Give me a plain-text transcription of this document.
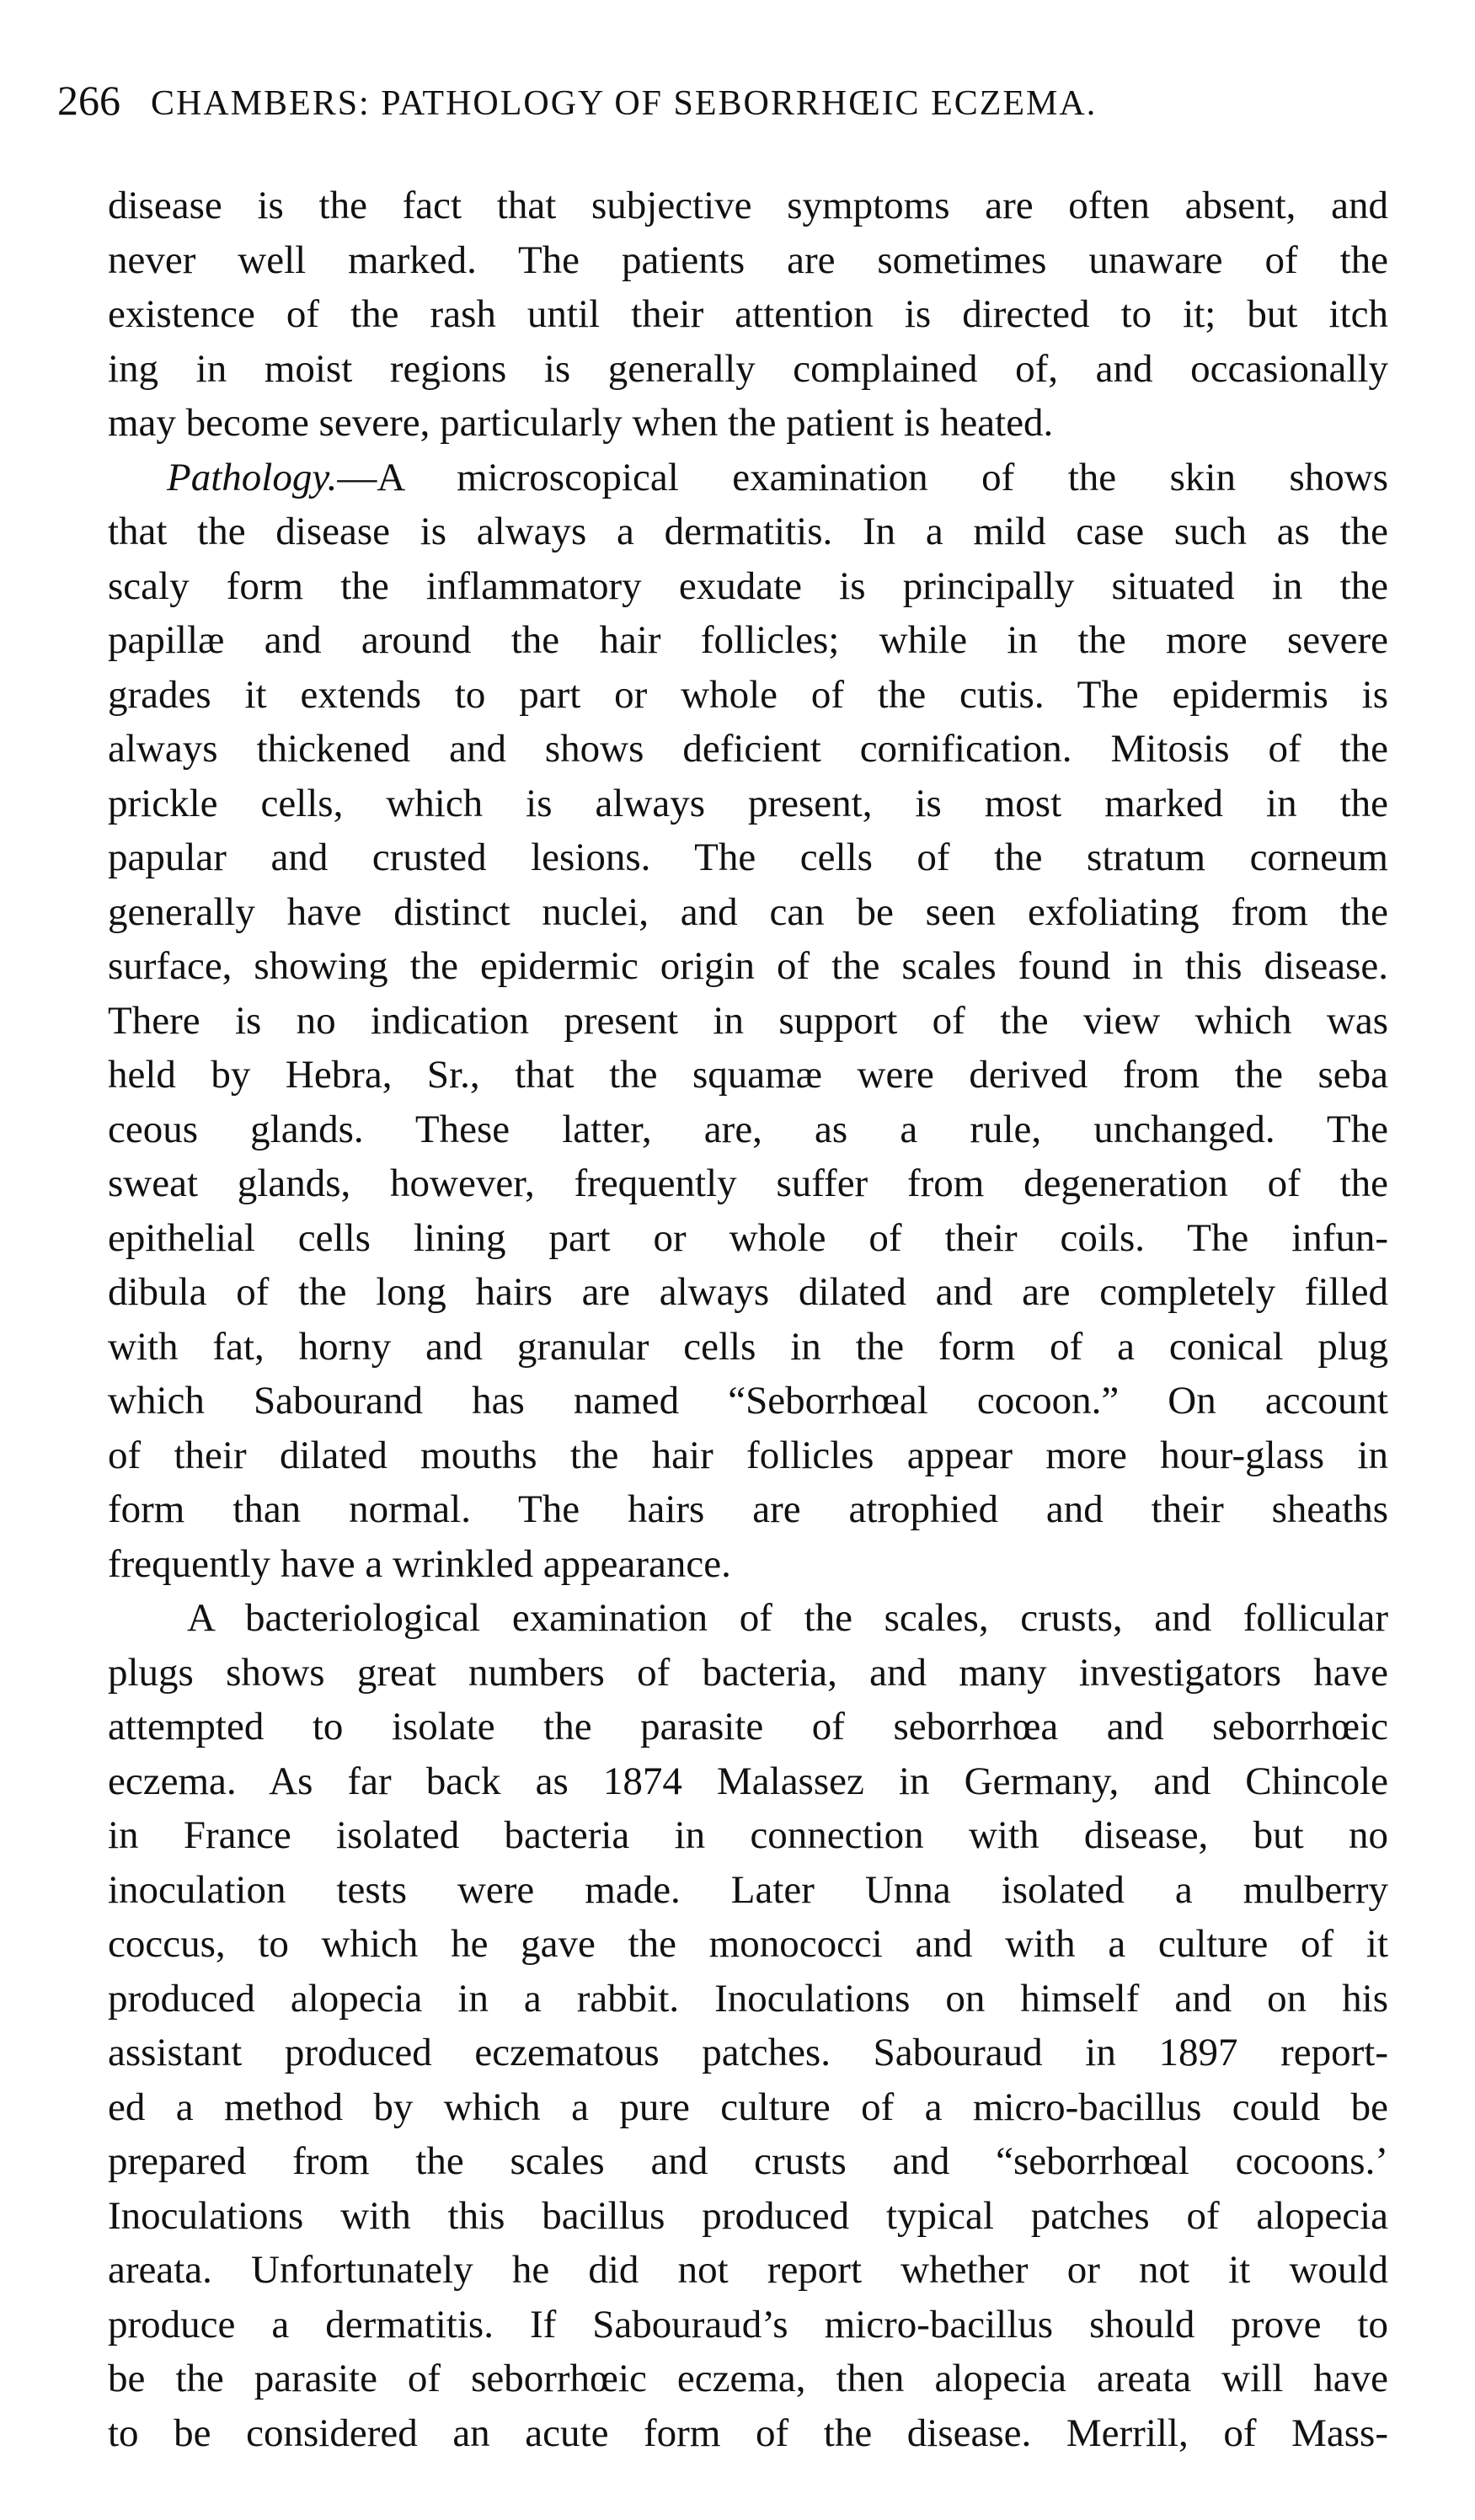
266 CHAMBERS: PATHOLOGY OF SEBORRHŒIC ECZEMA.
disease is the fact that subjective symptoms are often absent, and
never well marked. The patients are sometimes unaware of the
existence of the rash until their attention is directed to it; but itch
ing in moist regions is generally complained of, and occasionally
may become severe, particularly when the patient is heated.
Pathology.—A microscopical examination of the skin shows
that the disease is always a dermatitis. In a mild case such as the
scaly form the inflammatory exudate is principally situated in the
papillæ and around the hair follicles; while in the more severe
grades it extends to part or whole of the cutis. The epidermis is
always thickened and shows deficient cornification. Mitosis of the
prickle cells, which is always present, is most marked in the
papular and crusted lesions. The cells of the stratum corneum
generally have distinct nuclei, and can be seen exfoliating from the
surface, showing the epidermic origin of the scales found in this disease.
There is no indication present in support of the view which was
held by Hebra, Sr., that the squamæ were derived from the seba
ceous glands. These latter, are, as a rule, unchanged. The
sweat glands, however, frequently suffer from degeneration of the
epithelial cells lining part or whole of their coils. The infun-
dibula of the long hairs are always dilated and are completely filled
with fat, horny and granular cells in the form of a conical plug
which Sabourand has named “Seborrhœal cocoon.” On account
of their dilated mouths the hair follicles appear more hour-glass in
form than normal. The hairs are atrophied and their sheaths
frequently have a wrinkled appearance.
A bacteriological examination of the scales, crusts, and follicular
plugs shows great numbers of bacteria, and many investigators have
attempted to isolate the parasite of seborrhœa and seborrhœic
eczema. As far back as 1874 Malassez in Germany, and Chincole
in France isolated bacteria in connection with disease, but no
inoculation tests were made. Later Unna isolated a mulberry
coccus, to which he gave the monococci and with a culture of it
produced alopecia in a rabbit. Inoculations on himself and on his
assistant produced eczematous patches. Sabouraud in 1897 report-
ed a method by which a pure culture of a micro-bacillus could be
prepared from the scales and crusts and “seborrhœal cocoons.’
Inoculations with this bacillus produced typical patches of alopecia
areata. Unfortunately he did not report whether or not it would
produce a dermatitis. If Sabouraud’s micro-bacillus should prove to
be the parasite of seborrhœic eczema, then alopecia areata will have
to be considered an acute form of the disease. Merrill, of Mass-
